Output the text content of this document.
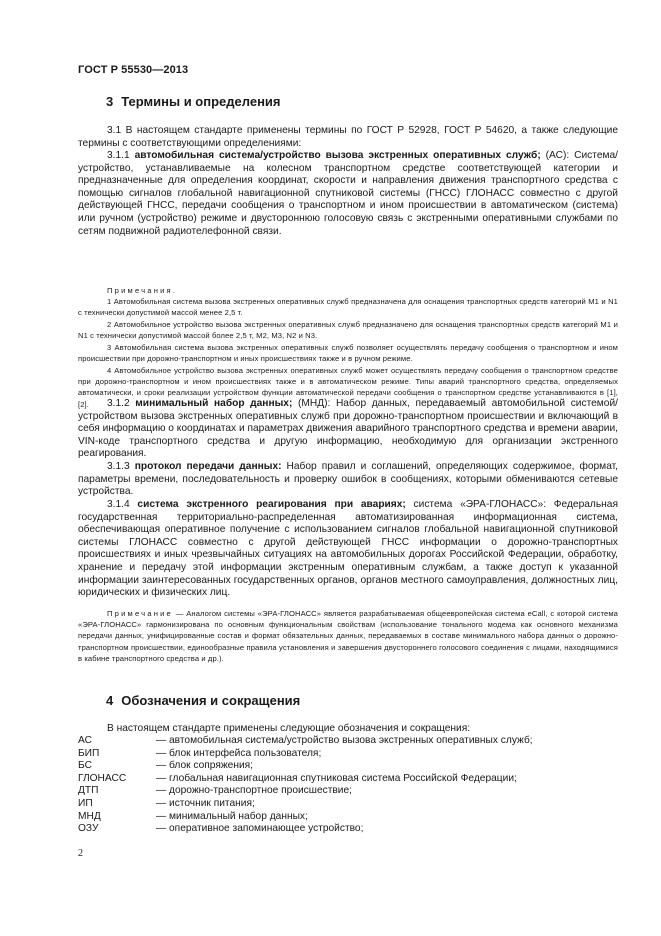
ГОСТ Р 55530—2013
3 Термины и определения

3.1 В настоящем стандарте применены термины по ГОСТ Р 52928, ГОСТ Р 54620, а также следующие термины с соответствующими определениями:

3.1.1 автомобильная система/устройство вызова экстренных оперативных служб; (АС): Система/устройство, устанавливаемые на колесном транспортном средстве соответствующей категории и предназначенные для определения координат, скорости и направления движения транспортного средства с помощью сигналов глобальной навигационной спутниковой системы (ГНСС) ГЛОНАСС совместно с другой действующей ГНСС, передачи сообщения о транспортном и ином происшествии в автоматическом (система) или ручном (устройство) режиме и двустороннюю голосовую связь с экстренными оперативными службами по сетям подвижной радиотелефонной связи.

Примечания.

1 Автомобильная система вызова экстренных оперативных служб предназначена для оснащения транспортных средств категорий M1 и N1 с технически допустимой массой менее 2,5 т.

2 Автомобильное устройство вызова экстренных оперативных служб предназначено для оснащения транспортных средств категорий M1 и N1 с технически допустимой массой более 2,5 т, M2, M3, N2 и N3.

3 Автомобильная система вызова экстренных оперативных служб позволяет осуществлять передачу сообщения о транспортном и ином происшествии при дорожно-транспортном и иных происшествиях также и в ручном режиме.

4 Автомобильное устройство вызова экстренных оперативных служб может осуществлять передачу сообщения о транспортном средстве при дорожно-транспортном и ином происшествиях также и в автоматическом режиме. Типы аварий транспортного средства, определяемых автоматически, и сроки реализации устройством функции автоматической передачи сообщения о транспортном средстве устанавливаются в [1], [2].	3.1.2 минимальный набор данных; (МНД): Набор данных, передаваемый автомобильной системой/устройством вызова экстренных оперативных служб при дорожно-транспортном происшествии и включающий в себя информацию о координатах и параметрах движения аварийного транспортного средства и времени аварии, VIN-коде транспортного средства и другую информацию, необходимую для организации экстренного реагирования.

3.1.3 протокол передачи данных: Набор правил и соглашений, определяющих содержимое, формат, параметры времени, последовательность и проверку ошибок в сообщениях, которыми обмениваются сетевые устройства.

3.1.4 система экстренного реагирования при авариях; система «ЭРА-ГЛОНАСС»: Федеральная государственная территориально-распределенная автоматизированная информационная система, обеспечивающая оперативное получение с использованием сигналов глобальной навигационной спутниковой системы ГЛОНАСС совместно с другой действующей ГНСС информации о дорожно-транспортных происшествиях и иных чрезвычайных ситуациях на автомобильных дорогах Российской Федерации, обработку, хранение и передачу этой информации экстренным оперативным службам, а также доступ к указанной информации заинтересованных государственных органов, органов местного самоуправления, должностных лиц, юридических и физических лиц.

Примечание — Аналогом системы «ЭРА-ГЛОНАСС» является разрабатываемая общеевропейская система eCall, с которой система «ЭРА-ГЛОНАСС» гармонизирована по основным функциональным свойствам (использование тонального модема как основного механизма передачи данных, унифицированные состав и формат обязательных данных, передаваемых в составе минимального набора данных о дорожно-транспортном происшествии, единообразные правила установления и завершения двустороннего голосового соединения с лицами, находящимися в кабине транспортного средства и др.).

4 Обозначения и сокращения

В настоящем стандарте применены следующие обозначения и сокращения:

АС	— автомобильная система/устройство вызова экстренных оперативных служб;
БИП	— блок интерфейса пользователя;
БС	— блок сопряжения;
ГЛОНАСС	— глобальная навигационная спутниковая система Российской Федерации;
ДТП	— дорожно-транспортное происшествие;
ИП	— источник питания;
МНД	— минимальный набор данных;
ОЗУ	— оперативное запоминающее устройство;
2
